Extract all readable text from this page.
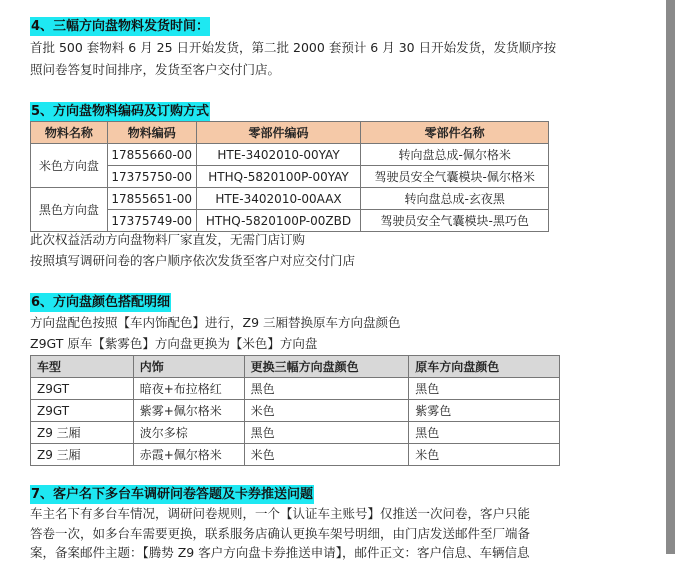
4、三幅方向盘物料发货时间：
首批 500 套物料 6 月 25 日开始发货，第二批 2000 套预计 6 月 30 日开始发货，发货顺序按
照问卷答复时间排序，发货至客户交付门店。
5、方向盘物料编码及订购方式
物料名称	物料编码	零部件编码	零部件名称
米色方向盘	17855660-00	HTE-3402010-00YAY	转向盘总成-佩尔格米
	17375750-00	HTHQ-5820100P-00YAY	驾驶员安全气囊模块-佩尔格米
黑色方向盘	17855651-00	HTE-3402010-00AAX	转向盘总成-玄夜黑
	17375749-00	HTHQ-5820100P-00ZBD	驾驶员安全气囊模块-黑巧色
此次权益活动方向盘物料厂家直发，无需门店订购
按照填写调研问卷的客户顺序依次发货至客户对应交付门店
6、方向盘颜色搭配明细
方向盘配色按照【车内饰配色】进行，Z9 三厢替换原车方向盘颜色
Z9GT 原车【紫雾色】方向盘更换为【米色】方向盘
车型	内饰	更换三幅方向盘颜色	原车方向盘颜色
Z9GT	暗夜+布拉格红	黑色	黑色
Z9GT	紫雾+佩尔格米	米色	紫雾色
Z9 三厢	波尔多棕	黑色	黑色
Z9 三厢	赤霞+佩尔格米	米色	米色
7、客户名下多台车调研问卷答题及卡券推送问题
车主名下有多台车情况，调研问卷规则，一个【认证车主账号】仅推送一次问卷，客户只能
答卷一次，如多台车需要更换，联系服务店确认更换车架号明细，由门店发送邮件至厂端备
案，备案邮件主题：【腾势 Z9 客户方向盘卡券推送申请】，邮件正文：客户信息、车辆信息
